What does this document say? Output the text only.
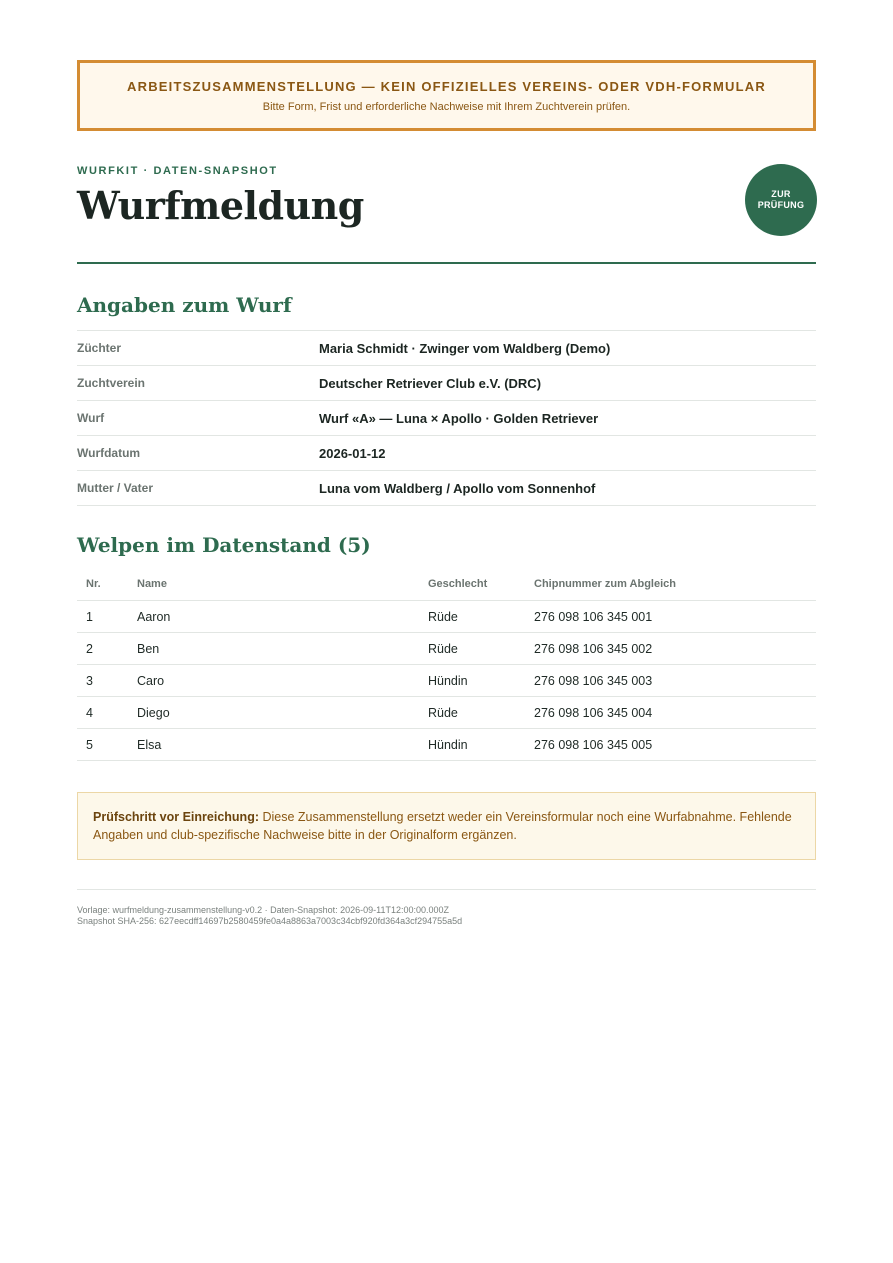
ARBEITSZUSAMMENSTELLUNG — KEIN OFFIZIELLES VEREINS- ODER VDH-FORMULAR
Bitte Form, Frist und erforderliche Nachweise mit Ihrem Zuchtverein prüfen.
WURFKIT · DATEN-SNAPSHOT
Wurfmeldung	ZUR
PRÜFUNG
Angaben zum Wurf
Züchter	Maria Schmidt · Zwinger vom Waldberg (Demo)
Zuchtverein	Deutscher Retriever Club e.V. (DRC)
Wurf	Wurf «A» — Luna × Apollo · Golden Retriever
Wurfdatum	2026-01-12
Mutter / Vater	Luna vom Waldberg / Apollo vom Sonnenhof
Welpen im Datenstand (5)
Nr.	Name	Geschlecht	Chipnummer zum Abgleich
1	Aaron	Rüde	276 098 106 345 001
2	Ben	Rüde	276 098 106 345 002
3	Caro	Hündin	276 098 106 345 003
4	Diego	Rüde	276 098 106 345 004
5	Elsa	Hündin	276 098 106 345 005
Prüfschritt vor Einreichung: Diese Zusammenstellung ersetzt weder ein Vereinsformular noch eine Wurfabnahme. Fehlende Angaben und club-spezifische Nachweise bitte in der Originalform ergänzen.
Vorlage: wurfmeldung-zusammenstellung-v0.2 · Daten-Snapshot: 2026-09-11T12:00:00.000Z
Snapshot SHA-256: 627eecdff14697b2580459fe0a4a8863a7003c34cbf920fd364a3cf294755a5d
